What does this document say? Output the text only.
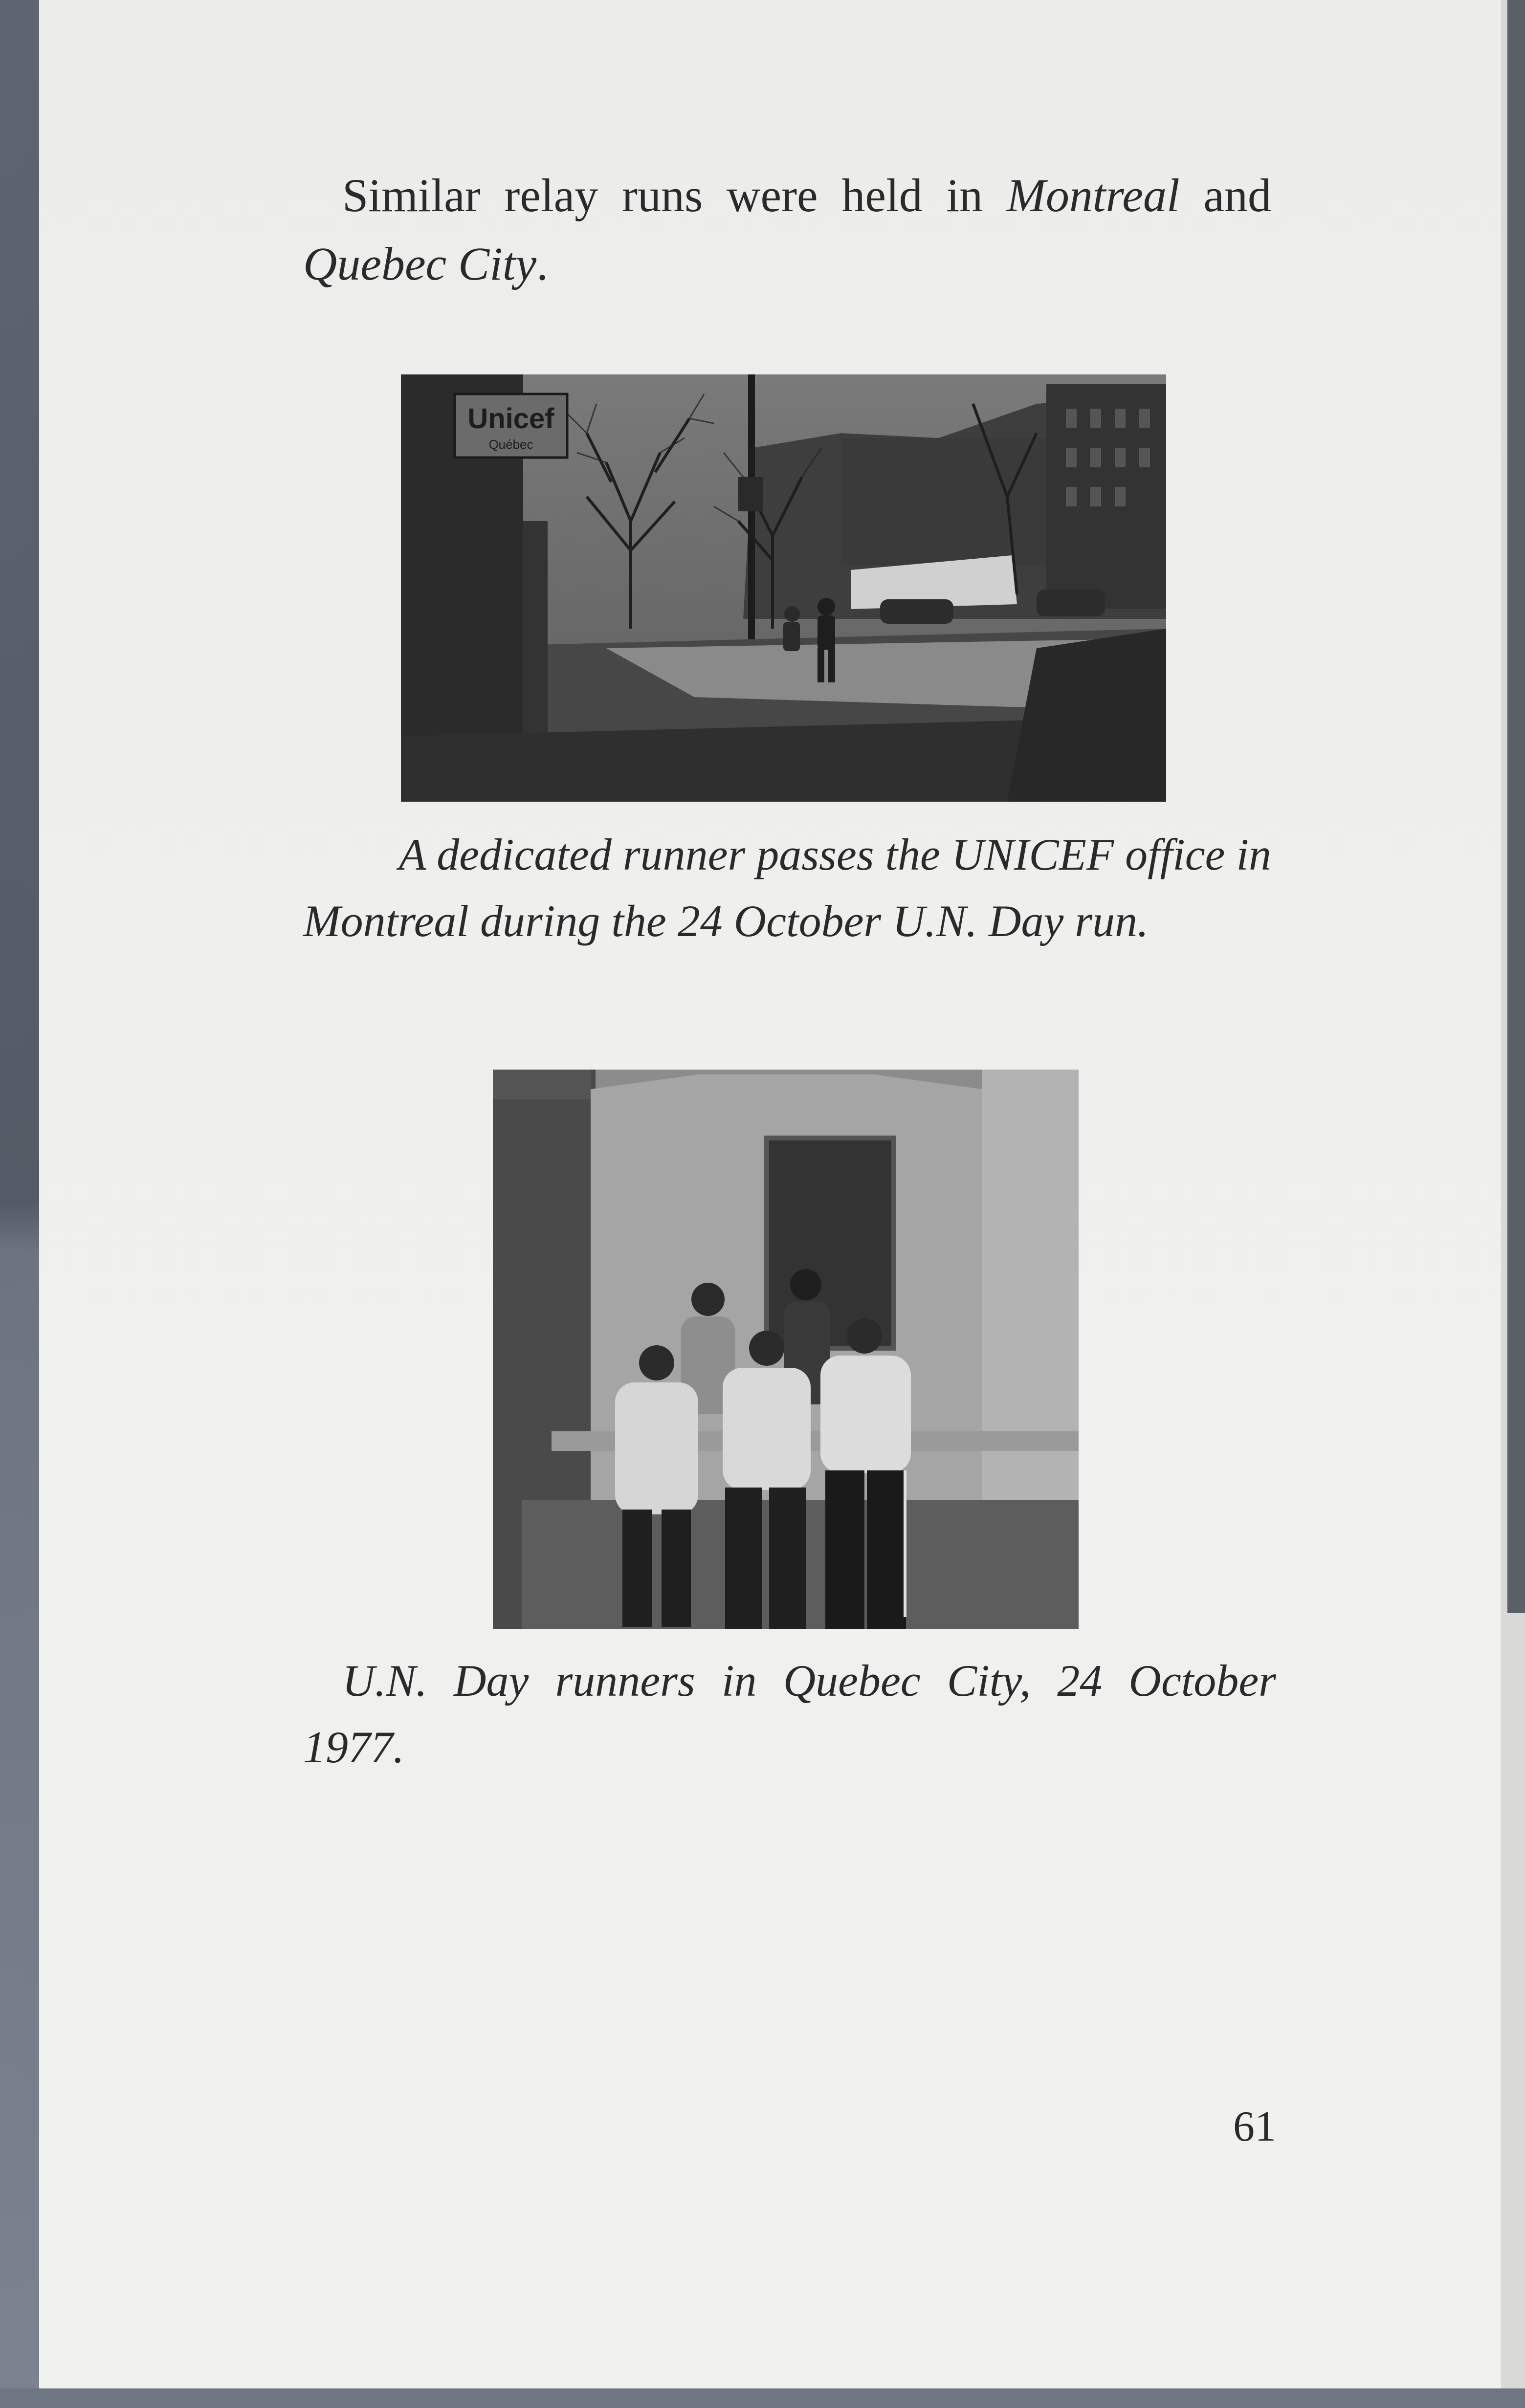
Similar relay runs were held in Montreal and

Quebec City.

Unicef
Québec

A dedicated runner passes the UNICEF office in
Montreal during the 24 October U.N. Day run.

U.N. Day runners in Quebec City, 24 October
1977.

61
